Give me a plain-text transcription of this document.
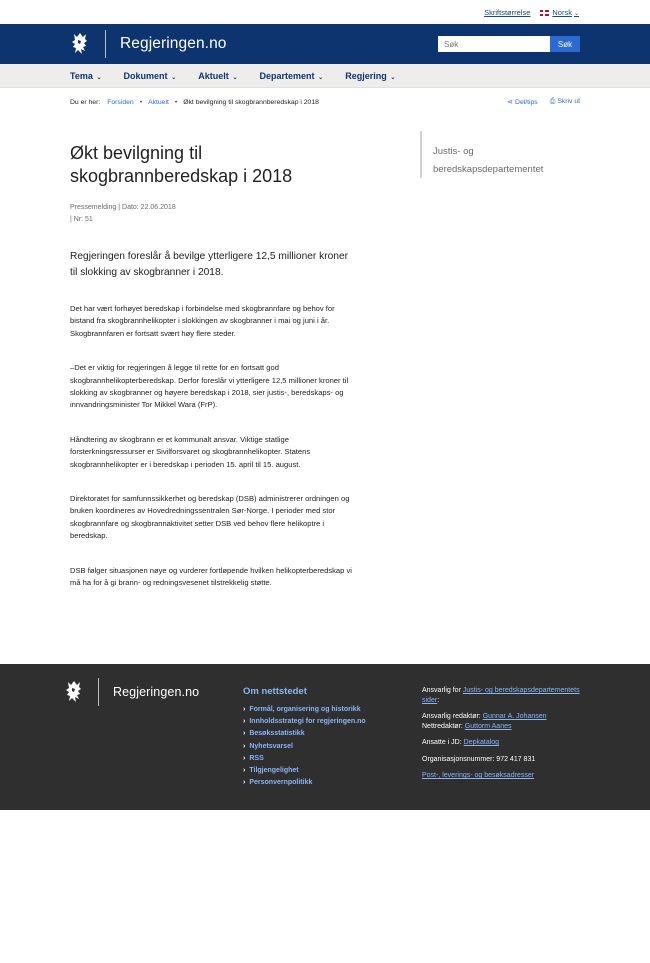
Skriftstørrelse	Norsk ⌄
Regjeringen.no
Søk	Søk
Tema ⌄ Dokument ⌄ Aktuelt ⌄ Departement ⌄ Regjering ⌄
Du er her: Forsiden • Aktuelt • Økt bevilgning til skogbrannberedskap i 2018	⋖ Del/tips ⎙ Skriv ut
Økt bevilgning til skogbrannberedskap i 2018
Pressemelding | Dato: 22.06.2018
| Nr: 51

Regjeringen foreslår å bevilge ytterligere 12,5 millioner kroner til slokking av skogbranner i 2018.

Det har vært forhøyet beredskap i forbindelse med skogbrannfare og behov for bistand fra skogbrannhelikopter i slokkingen av skogbranner i mai og juni i år. Skogbrannfaren er fortsatt svært høy flere steder.

–Det er viktig for regjeringen å legge til rette for en fortsatt god skogbrannhelikopterberedskap. Derfor foreslår vi ytterligere 12,5 millioner kroner til slokking av skogbranner og høyere beredskap i 2018, sier justis-, beredskaps- og innvandringsminister Tor Mikkel Wara (FrP).

Håndtering av skogbrann er et kommunalt ansvar. Viktige statlige forsterkningsressurser er Sivilforsvaret og skogbrannhelikopter. Statens skogbrannhelikopter er i beredskap i perioden 15. april til 15. august.

Direktoratet for samfunnssikkerhet og beredskap (DSB) administrerer ordningen og bruken koordineres av Hovedredningssentralen Sør-Norge. I perioder med stor skogbrannfare og skogbrannaktivitet setter DSB ved behov flere helikoptre i beredskap.

DSB følger situasjonen nøye og vurderer fortløpende hvilken helikopterberedskap vi må ha for å gi brann- og redningsvesenet tilstrekkelig støtte.

Justis- og beredskapsdepartementet
Regjeringen.no	Om nettstedet
› Formål, organisering og historikk
› Innholdsstrategi for regjeringen.no
› Besøksstatistikk
› Nyhetsvarsel
› RSS
› Tilgjengelighet
› Personvernpolitikk

Ansvarlig for Justis- og beredskapsdepartementets sider:

Ansvarlig redaktør: Gunnar A. Johansen
Nettredaktør: Guttorm Aanes

Ansatte i JD: Depkatalog

Organisasjonsnummer: 972 417 831

Post-, leverings- og besøksadresser
